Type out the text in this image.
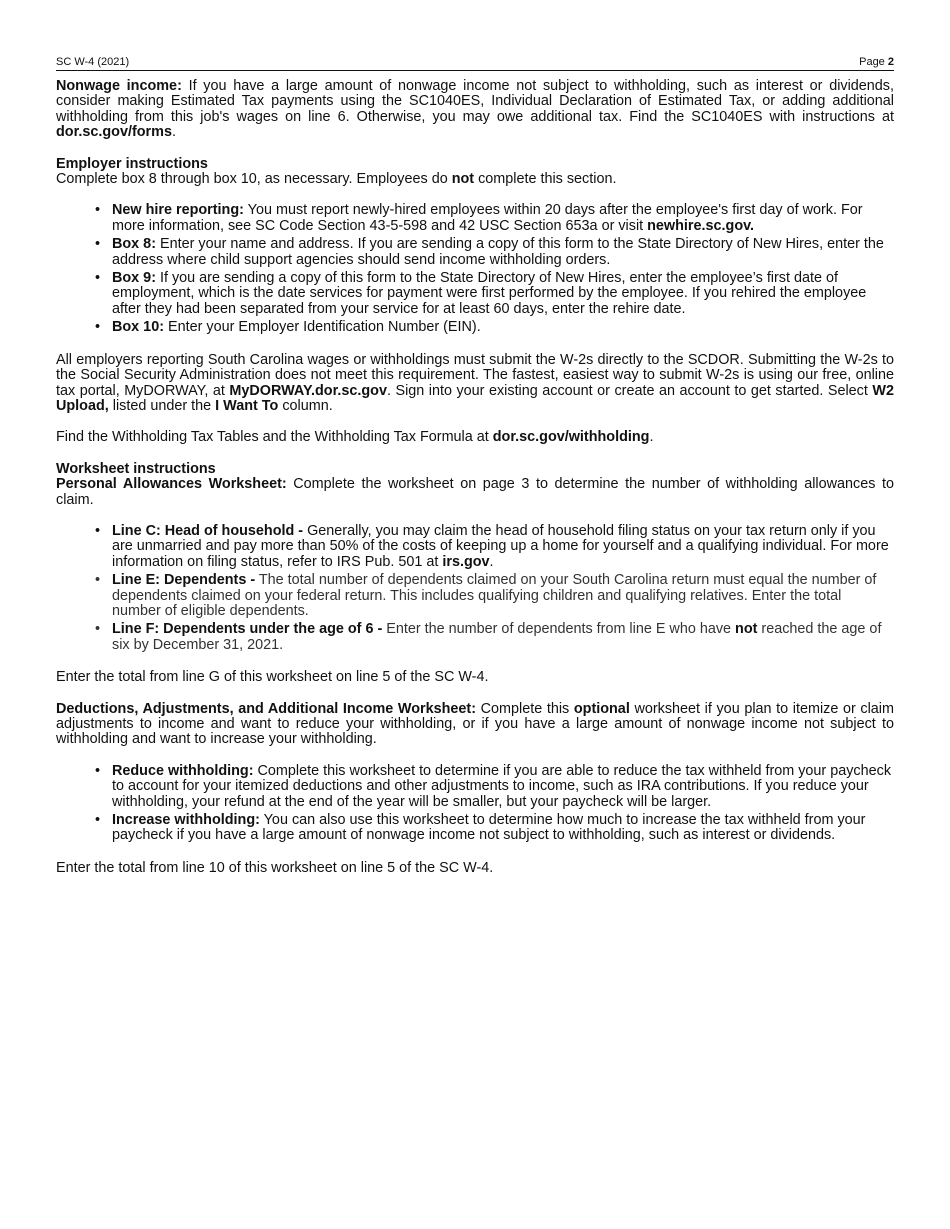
SC W-4 (2021)	Page 2

Nonwage income: If you have a large amount of nonwage income not subject to withholding, such as interest or dividends, consider making Estimated Tax payments using the SC1040ES, Individual Declaration of Estimated Tax, or adding additional withholding from this job's wages on line 6. Otherwise, you may owe additional tax. Find the SC1040ES with instructions at dor.sc.gov/forms.

Employer instructions

Complete box 8 through box 10, as necessary. Employees do not complete this section.

• New hire reporting: You must report newly-hired employees within 20 days after the employee's first day of work. For more information, see SC Code Section 43-5-598 and 42 USC Section 653a or visit newhire.sc.gov.
• Box 8: Enter your name and address. If you are sending a copy of this form to the State Directory of New Hires, enter the address where child support agencies should send income withholding orders.
• Box 9: If you are sending a copy of this form to the State Directory of New Hires, enter the employee’s first date of employment, which is the date services for payment were first performed by the employee. If you rehired the employee after they had been separated from your service for at least 60 days, enter the rehire date.
• Box 10: Enter your Employer Identification Number (EIN).

All employers reporting South Carolina wages or withholdings must submit the W-2s directly to the SCDOR. Submitting the W-2s to the Social Security Administration does not meet this requirement. The fastest, easiest way to submit W-2s is using our free, online tax portal, MyDORWAY, at MyDORWAY.dor.sc.gov. Sign into your existing account or create an account to get started. Select W2 Upload, listed under the I Want To column.

Find the Withholding Tax Tables and the Withholding Tax Formula at dor.sc.gov/withholding.

Worksheet instructions

Personal Allowances Worksheet: Complete the worksheet on page 3 to determine the number of withholding allowances to claim.

• Line C: Head of household - Generally, you may claim the head of household filing status on your tax return only if you are unmarried and pay more than 50% of the costs of keeping up a home for yourself and a qualifying individual. For more information on filing status, refer to IRS Pub. 501 at irs.gov.
• Line E: Dependents - The total number of dependents claimed on your South Carolina return must equal the number of dependents claimed on your federal return. This includes qualifying children and qualifying relatives. Enter the total number of eligible dependents.
• Line F: Dependents under the age of 6 - Enter the number of dependents from line E who have not reached the age of six by December 31, 2021.

Enter the total from line G of this worksheet on line 5 of the SC W-4.

Deductions, Adjustments, and Additional Income Worksheet: Complete this optional worksheet if you plan to itemize or claim adjustments to income and want to reduce your withholding, or if you have a large amount of nonwage income not subject to withholding and want to increase your withholding.

• Reduce withholding: Complete this worksheet to determine if you are able to reduce the tax withheld from your paycheck to account for your itemized deductions and other adjustments to income, such as IRA contributions. If you reduce your withholding, your refund at the end of the year will be smaller, but your paycheck will be larger.
• Increase withholding: You can also use this worksheet to determine how much to increase the tax withheld from your paycheck if you have a large amount of nonwage income not subject to withholding, such as interest or dividends.

Enter the total from line 10 of this worksheet on line 5 of the SC W-4.
